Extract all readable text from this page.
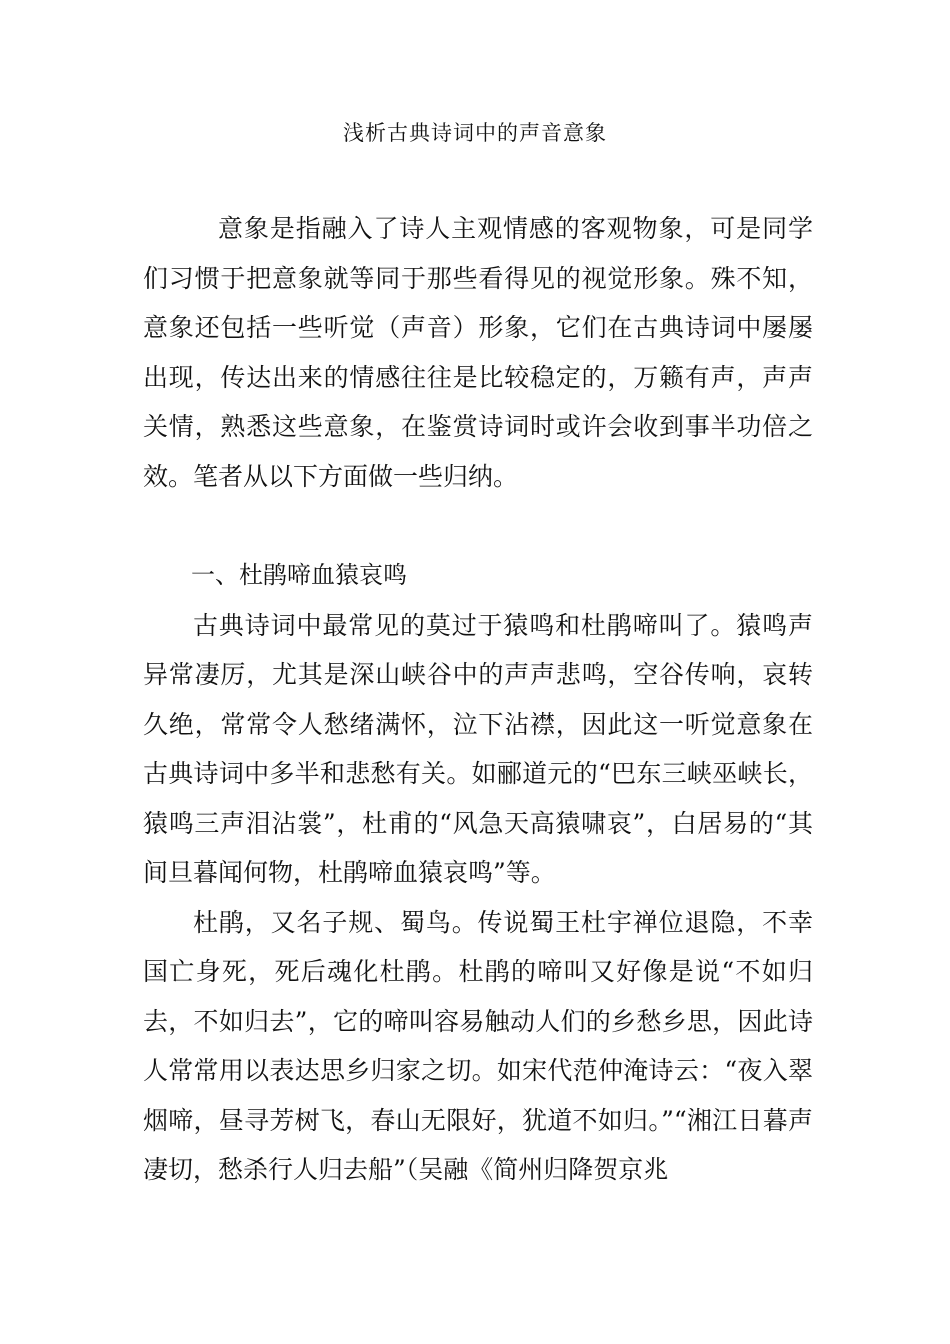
浅析古典诗词中的声音意象

意象是指融入了诗人主观情感的客观物象，可是同学们习惯于把意象就等同于那些看得见的视觉形象。殊不知，意象还包括一些听觉（声音）形象，它们在古典诗词中屡屡出现，传达出来的情感往往是比较稳定的，万籁有声，声声关情，熟悉这些意象，在鉴赏诗词时或许会收到事半功倍之效。笔者从以下方面做一些归纳。

一、杜鹃啼血猿哀鸣

古典诗词中最常见的莫过于猿鸣和杜鹃啼叫了。猿鸣声异常凄厉，尤其是深山峡谷中的声声悲鸣，空谷传响，哀转久绝，常常令人愁绪满怀，泣下沾襟，因此这一听觉意象在古典诗词中多半和悲愁有关。如郦道元的“巴东三峡巫峡长，猿鸣三声泪沾裳”，杜甫的“风急天高猿啸哀”，白居易的“其间旦暮闻何物，杜鹃啼血猿哀鸣”等。

杜鹃，又名子规、蜀鸟。传说蜀王杜宇禅位退隐，不幸国亡身死，死后魂化杜鹃。杜鹃的啼叫又好像是说“不如归去，不如归去”，它的啼叫容易触动人们的乡愁乡思，因此诗人常常用以表达思乡归家之切。如宋代范仲淹诗云：“夜入翠烟啼，昼寻芳树飞，春山无限好，犹道不如归。”“湘江日暮声凄切，愁杀行人归去船”（吴融《简州归降贺京兆
